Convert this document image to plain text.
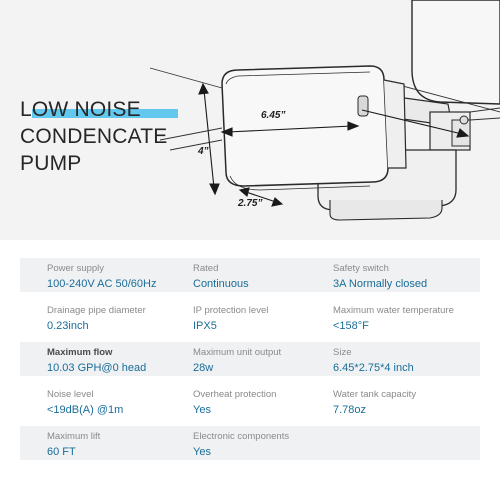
LOW NOISE
CONDENCATE
PUMP
6.45”
4”
2.75”
Power supply
100-240V AC 50/60Hz
Rated
Continuous
Safety switch
3A Normally closed
Drainage pipe diameter
0.23inch
IP protection level
IPX5
Maximum water temperature
<158°F
Maximum flow
10.03 GPH@0 head
Maximum unit output
28w
Size
6.45*2.75*4 inch
Noise level
<19dB(A) @1m
Overheat protection
Yes
Water tank capacity
7.78oz
Maximum lift
60 FT
Electronic components
Yes
